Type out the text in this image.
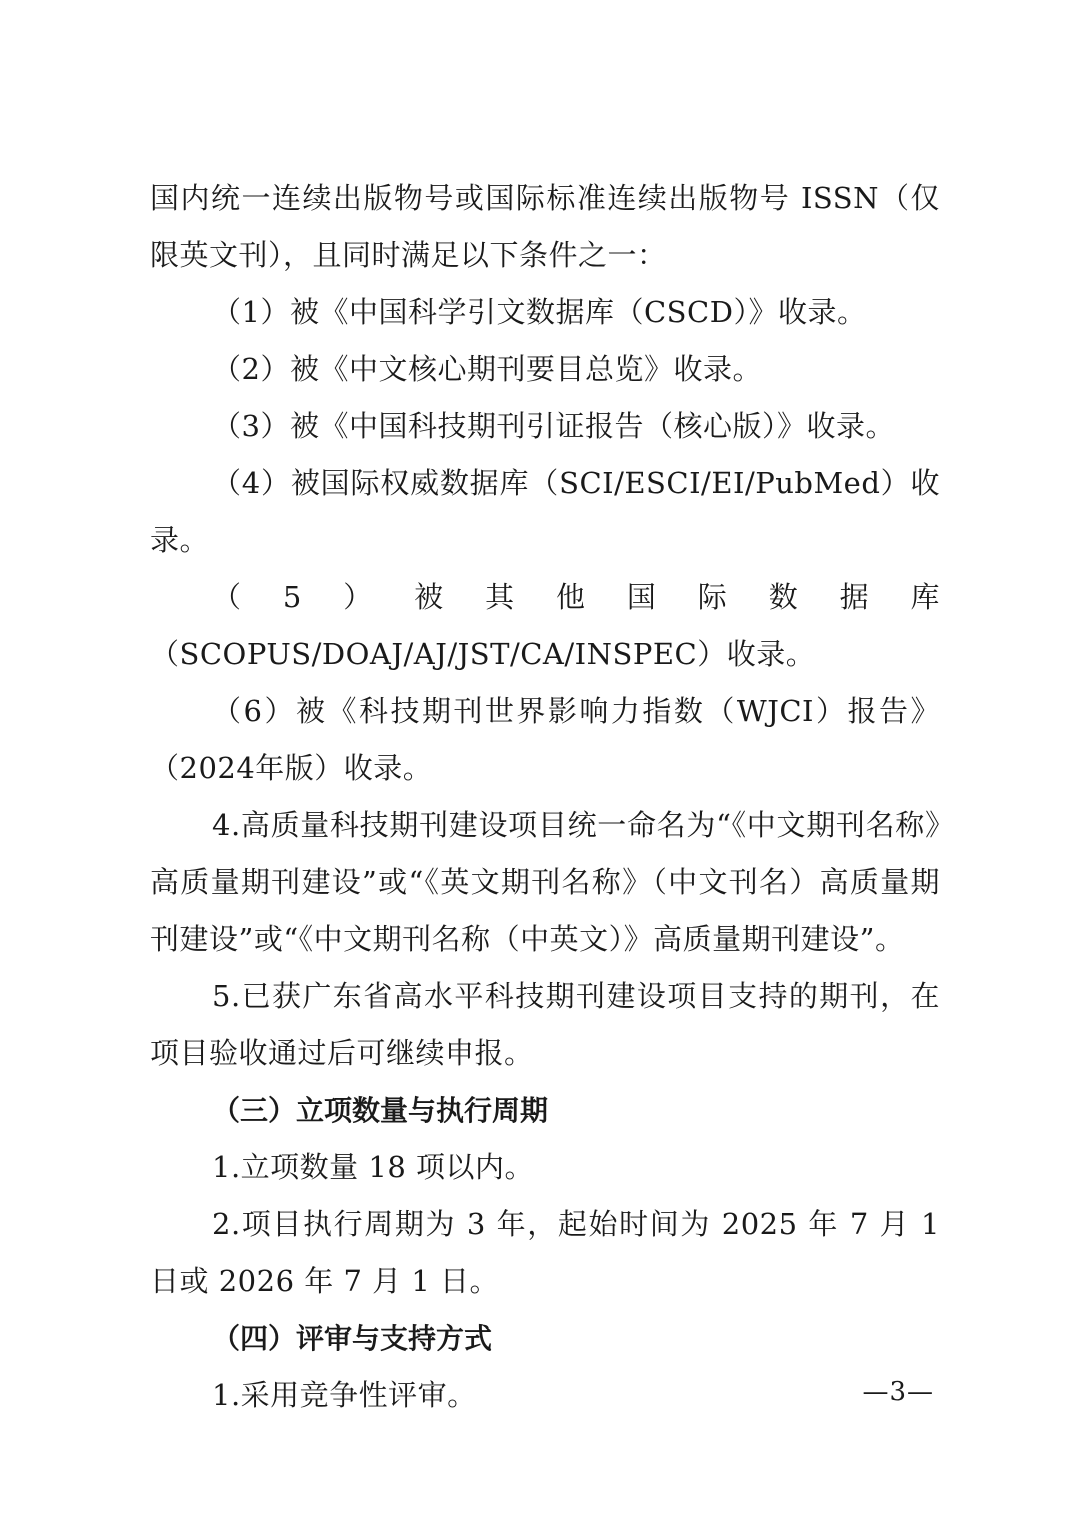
国内统一连续出版物号或国际标准连续出版物号 ISSN（仅限英文刊），且同时满足以下条件之一：

（1）被《中国科学引文数据库（CSCD）》收录。

（2）被《中文核心期刊要目总览》收录。

（3）被《中国科技期刊引证报告（核心版）》收录。

（4）被国际权威数据库（SCI/ESCI/EI/PubMed）收录。

（5）被其他国际数据库（SCOPUS/DOAJ/AJ/JST/CA/INSPEC）收录。

（6）被《科技期刊世界影响力指数（WJCI）报告》（2024年版）收录。

4.高质量科技期刊建设项目统一命名为“《中文期刊名称》高质量期刊建设”或“《英文期刊名称》（中文刊名）高质量期刊建设”或“《中文期刊名称（中英文）》高质量期刊建设”。

5.已获广东省高水平科技期刊建设项目支持的期刊，在项目验收通过后可继续申报。

（三）立项数量与执行周期

1.立项数量 18 项以内。

2.项目执行周期为 3 年，起始时间为 2025 年 7 月 1 日或 2026 年 7 月 1 日。

（四）评审与支持方式

1.采用竞争性评审。	—3—
